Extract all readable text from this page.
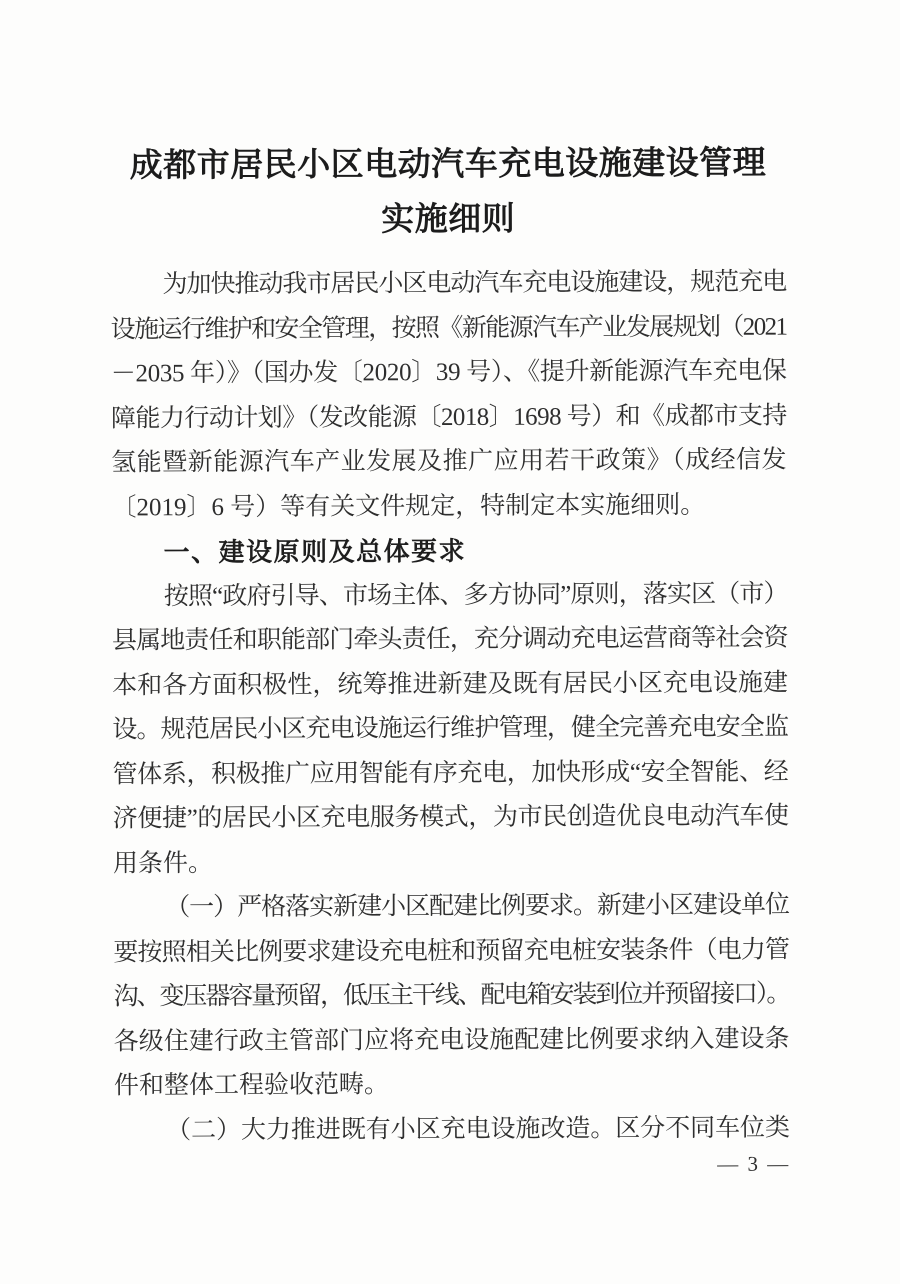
成都市居民小区电动汽车充电设施建设管理
实施细则
为加快推动我市居民小区电动汽车充电设施建设，规范充电
设施运行维护和安全管理，按照《新能源汽车产业发展规划（2021
－2035 年）》（国办发〔2020〕39 号）、《提升新能源汽车充电保
障能力行动计划》（发改能源〔2018〕1698 号）和《成都市支持
氢能暨新能源汽车产业发展及推广应用若干政策》（成经信发
〔2019〕6 号）等有关文件规定，特制定本实施细则。
一、建设原则及总体要求
按照“政府引导、市场主体、多方协同”原则，落实区（市）
县属地责任和职能部门牵头责任，充分调动充电运营商等社会资
本和各方面积极性，统筹推进新建及既有居民小区充电设施建
设。规范居民小区充电设施运行维护管理，健全完善充电安全监
管体系，积极推广应用智能有序充电，加快形成“安全智能、经
济便捷”的居民小区充电服务模式，为市民创造优良电动汽车使
用条件。
（一）严格落实新建小区配建比例要求。新建小区建设单位
要按照相关比例要求建设充电桩和预留充电桩安装条件（电力管
沟、变压器容量预留，低压主干线、配电箱安装到位并预留接口）。
各级住建行政主管部门应将充电设施配建比例要求纳入建设条
件和整体工程验收范畴。
（二）大力推进既有小区充电设施改造。区分不同车位类
— 3 —
